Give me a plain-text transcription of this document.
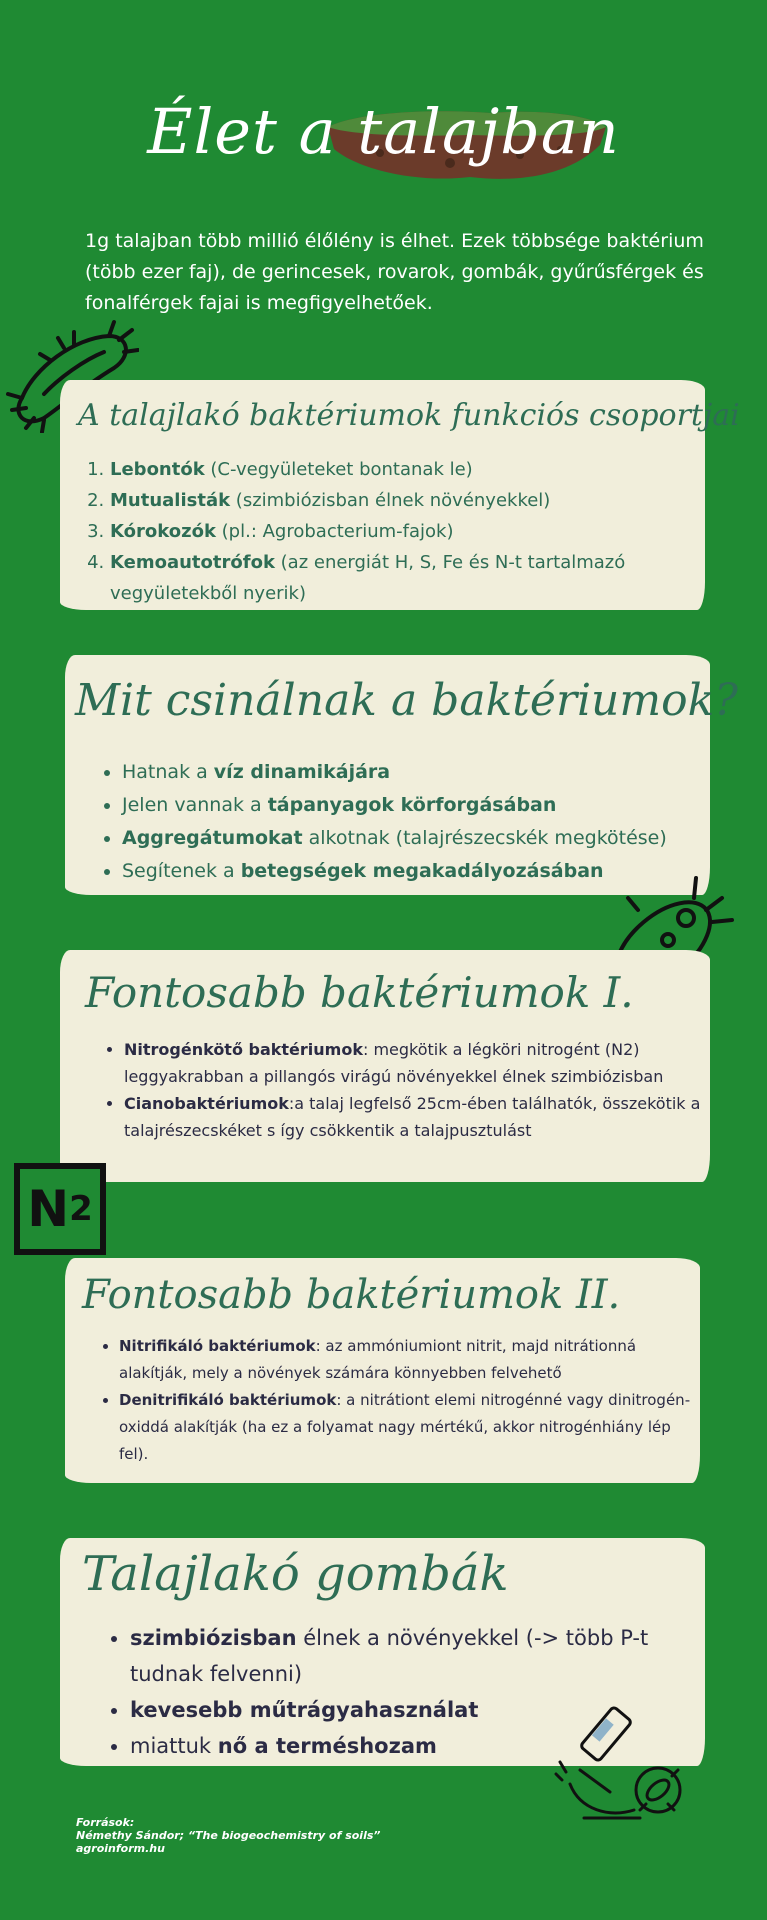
Élet a talajban
1g talajban több millió élőlény is élhet. Ezek többsége baktérium (több ezer faj), de gerincesek, rovarok, gombák, gyűrűsférgek és fonalférgek fajai is megfigyelhetőek.
A talajlakó baktériumok funkciós csoportjai
1. Lebontók (C-vegyületeket bontanak le)
2. Mutualisták (szimbiózisban élnek növényekkel)
3. Kórokozók (pl.: Agrobacterium-fajok)
4. Kemoautotrófok (az energiát H, S, Fe és N-t tartalmazó vegyületekből nyerik)
Mit csinálnak a baktériumok?
• Hatnak a víz dinamikájára
• Jelen vannak a tápanyagok körforgásában
• Aggregátumokat alkotnak (talajrészecskék megkötése)
• Segítenek a betegségek megakadályozásában
Fontosabb baktériumok I.
• Nitrogénkötő baktériumok: megkötik a légköri nitrogént (N2) leggyakrabban a pillangós virágú növényekkel élnek szimbiózisban
• Cianobaktériumok:a talaj legfelső 25cm-ében találhatók, összekötik a talajrészecskéket s így csökkentik a talajpusztulást
N 2
Fontosabb baktériumok II.
• Nitrifikáló baktériumok: az ammóniumiont nitrit, majd nitrátionná alakítják, mely a növények számára könnyebben felvehető
• Denitrifikáló baktériumok: a nitrátiont elemi nitrogénné vagy dinitrogén-oxiddá alakítják (ha ez a folyamat nagy mértékű, akkor nitrogénhiány lép fel).
Talajlakó gombák
• szimbiózisban élnek a növényekkel (-> több P-t tudnak felvenni)
• kevesebb műtrágyahasználat
• miattuk nő a terméshozam
Források:
Némethy Sándor; “The biogeochemistry of soils”
agroinform.hu
